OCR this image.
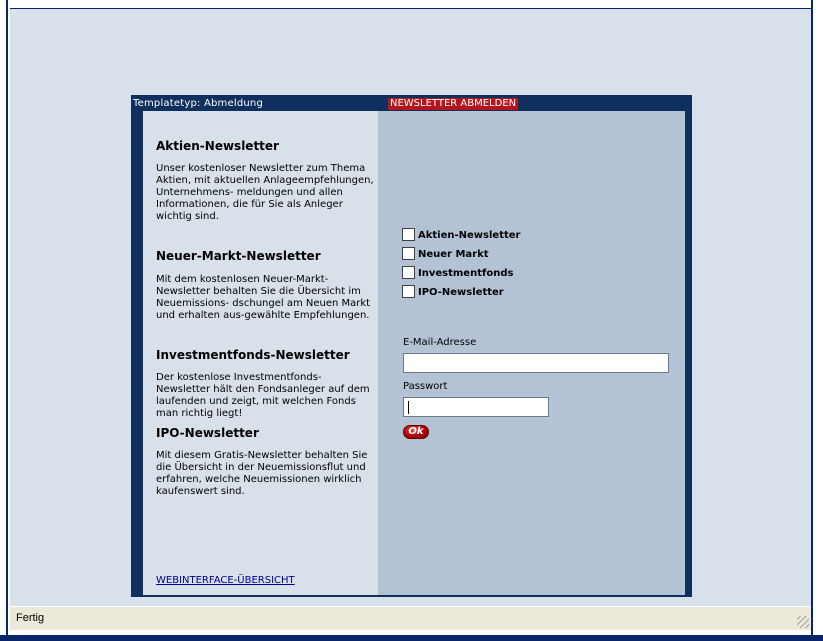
Templatetyp: Abmeldung	NEWSLETTER ABMELDEN
Aktien-Newsletter
Unser kostenloser Newsletter zum Thema Aktien, mit aktuellen Anlageempfehlungen, Unternehmens- meldungen und allen Informationen, die für Sie als Anleger wichtig sind.
Neuer-Markt-Newsletter
Mit dem kostenlosen Neuer-Markt-Newsletter behalten Sie die Übersicht im Neuemissions- dschungel am Neuen Markt und erhalten aus-gewählte Empfehlungen.
Investmentfonds-Newsletter
Der kostenlose Investmentfonds-Newsletter hält den Fondsanleger auf dem laufenden und zeigt, mit welchen Fonds man richtig liegt!
IPO-Newsletter
Mit diesem Gratis-Newsletter behalten Sie die Übersicht in der Neuemissionsflut und erfahren, welche Neuemissionen wirklich kaufenswert sind.
WEBINTERFACE-ÜBERSICHT
Aktien-Newsletter
Neuer Markt
Investmentfonds
IPO-Newsletter
E-Mail-Adresse
Passwort
Ok
Fertig
